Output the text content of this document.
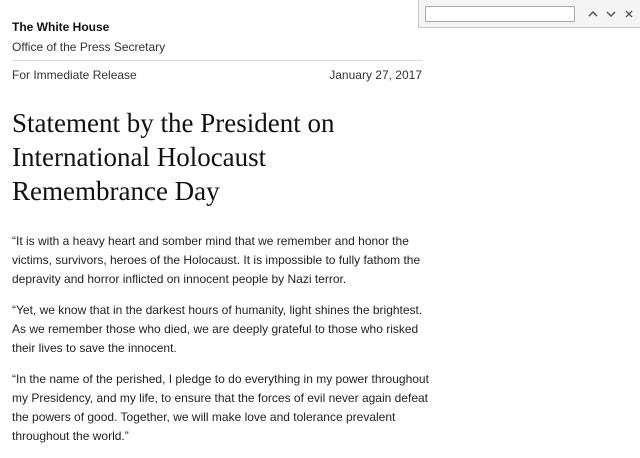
The White House
Office of the Press Secretary
For Immediate Release	January 27, 2017
Statement by the President on
International Holocaust
Remembrance Day

“It is with a heavy heart and somber mind that we remember and honor the
victims, survivors, heroes of the Holocaust. It is impossible to fully fathom the
depravity and horror inflicted on innocent people by Nazi terror.

“Yet, we know that in the darkest hours of humanity, light shines the brightest.
As we remember those who died, we are deeply grateful to those who risked
their lives to save the innocent.

“In the name of the perished, I pledge to do everything in my power throughout
my Presidency, and my life, to ensure that the forces of evil never again defeat
the powers of good. Together, we will make love and tolerance prevalent
throughout the world.”
